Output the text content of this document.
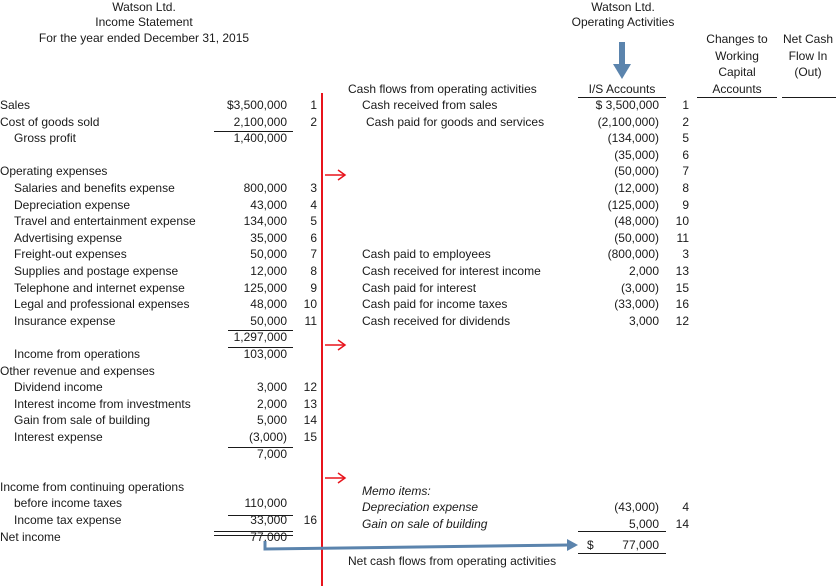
Watson Ltd.
Income Statement
For the year ended December 31, 2015
Sales	$3,500,000	1
Cost of goods sold	2,100,000	2
Gross profit	1,400,000
Operating expenses
Salaries and benefits expense	800,000	3
Depreciation expense	43,000	4
Travel and entertainment expense	134,000	5
Advertising expense	35,000	6
Freight-out expenses	50,000	7
Supplies and postage expense	12,000	8
Telephone and internet expense	125,000	9
Legal and professional expenses	48,000	10
Insurance expense	50,000	11
1,297,000
Income from operations	103,000
Other revenue and expenses
Dividend income	3,000	12
Interest income from investments	2,000	13
Gain from sale of building	5,000	14
Interest expense	(3,000)	15
7,000
Income from continuing operations
before income taxes	110,000
Income tax expense	33,000	16
Net income	77,000
Watson Ltd.
Operating Activities
Changes to Working Capital Accounts
Net Cash Flow In (Out)
Cash flows from operating activities	I/S Accounts
Cash received from sales	$ 3,500,000	1
Cash paid for goods and services	(2,100,000)	2
(134,000)	5
(35,000)	6
(50,000)	7
(12,000)	8
(125,000)	9
(48,000)	10
(50,000)	11
Cash paid to employees	(800,000)	3
Cash received for interest income	2,000	13
Cash paid for interest	(3,000)	15
Cash paid for income taxes	(33,000)	16
Cash received for dividends	3,000	12
Memo items:
Depreciation expense	(43,000)	4
Gain on sale of building	5,000	14
$	77,000
Net cash flows from operating activities
